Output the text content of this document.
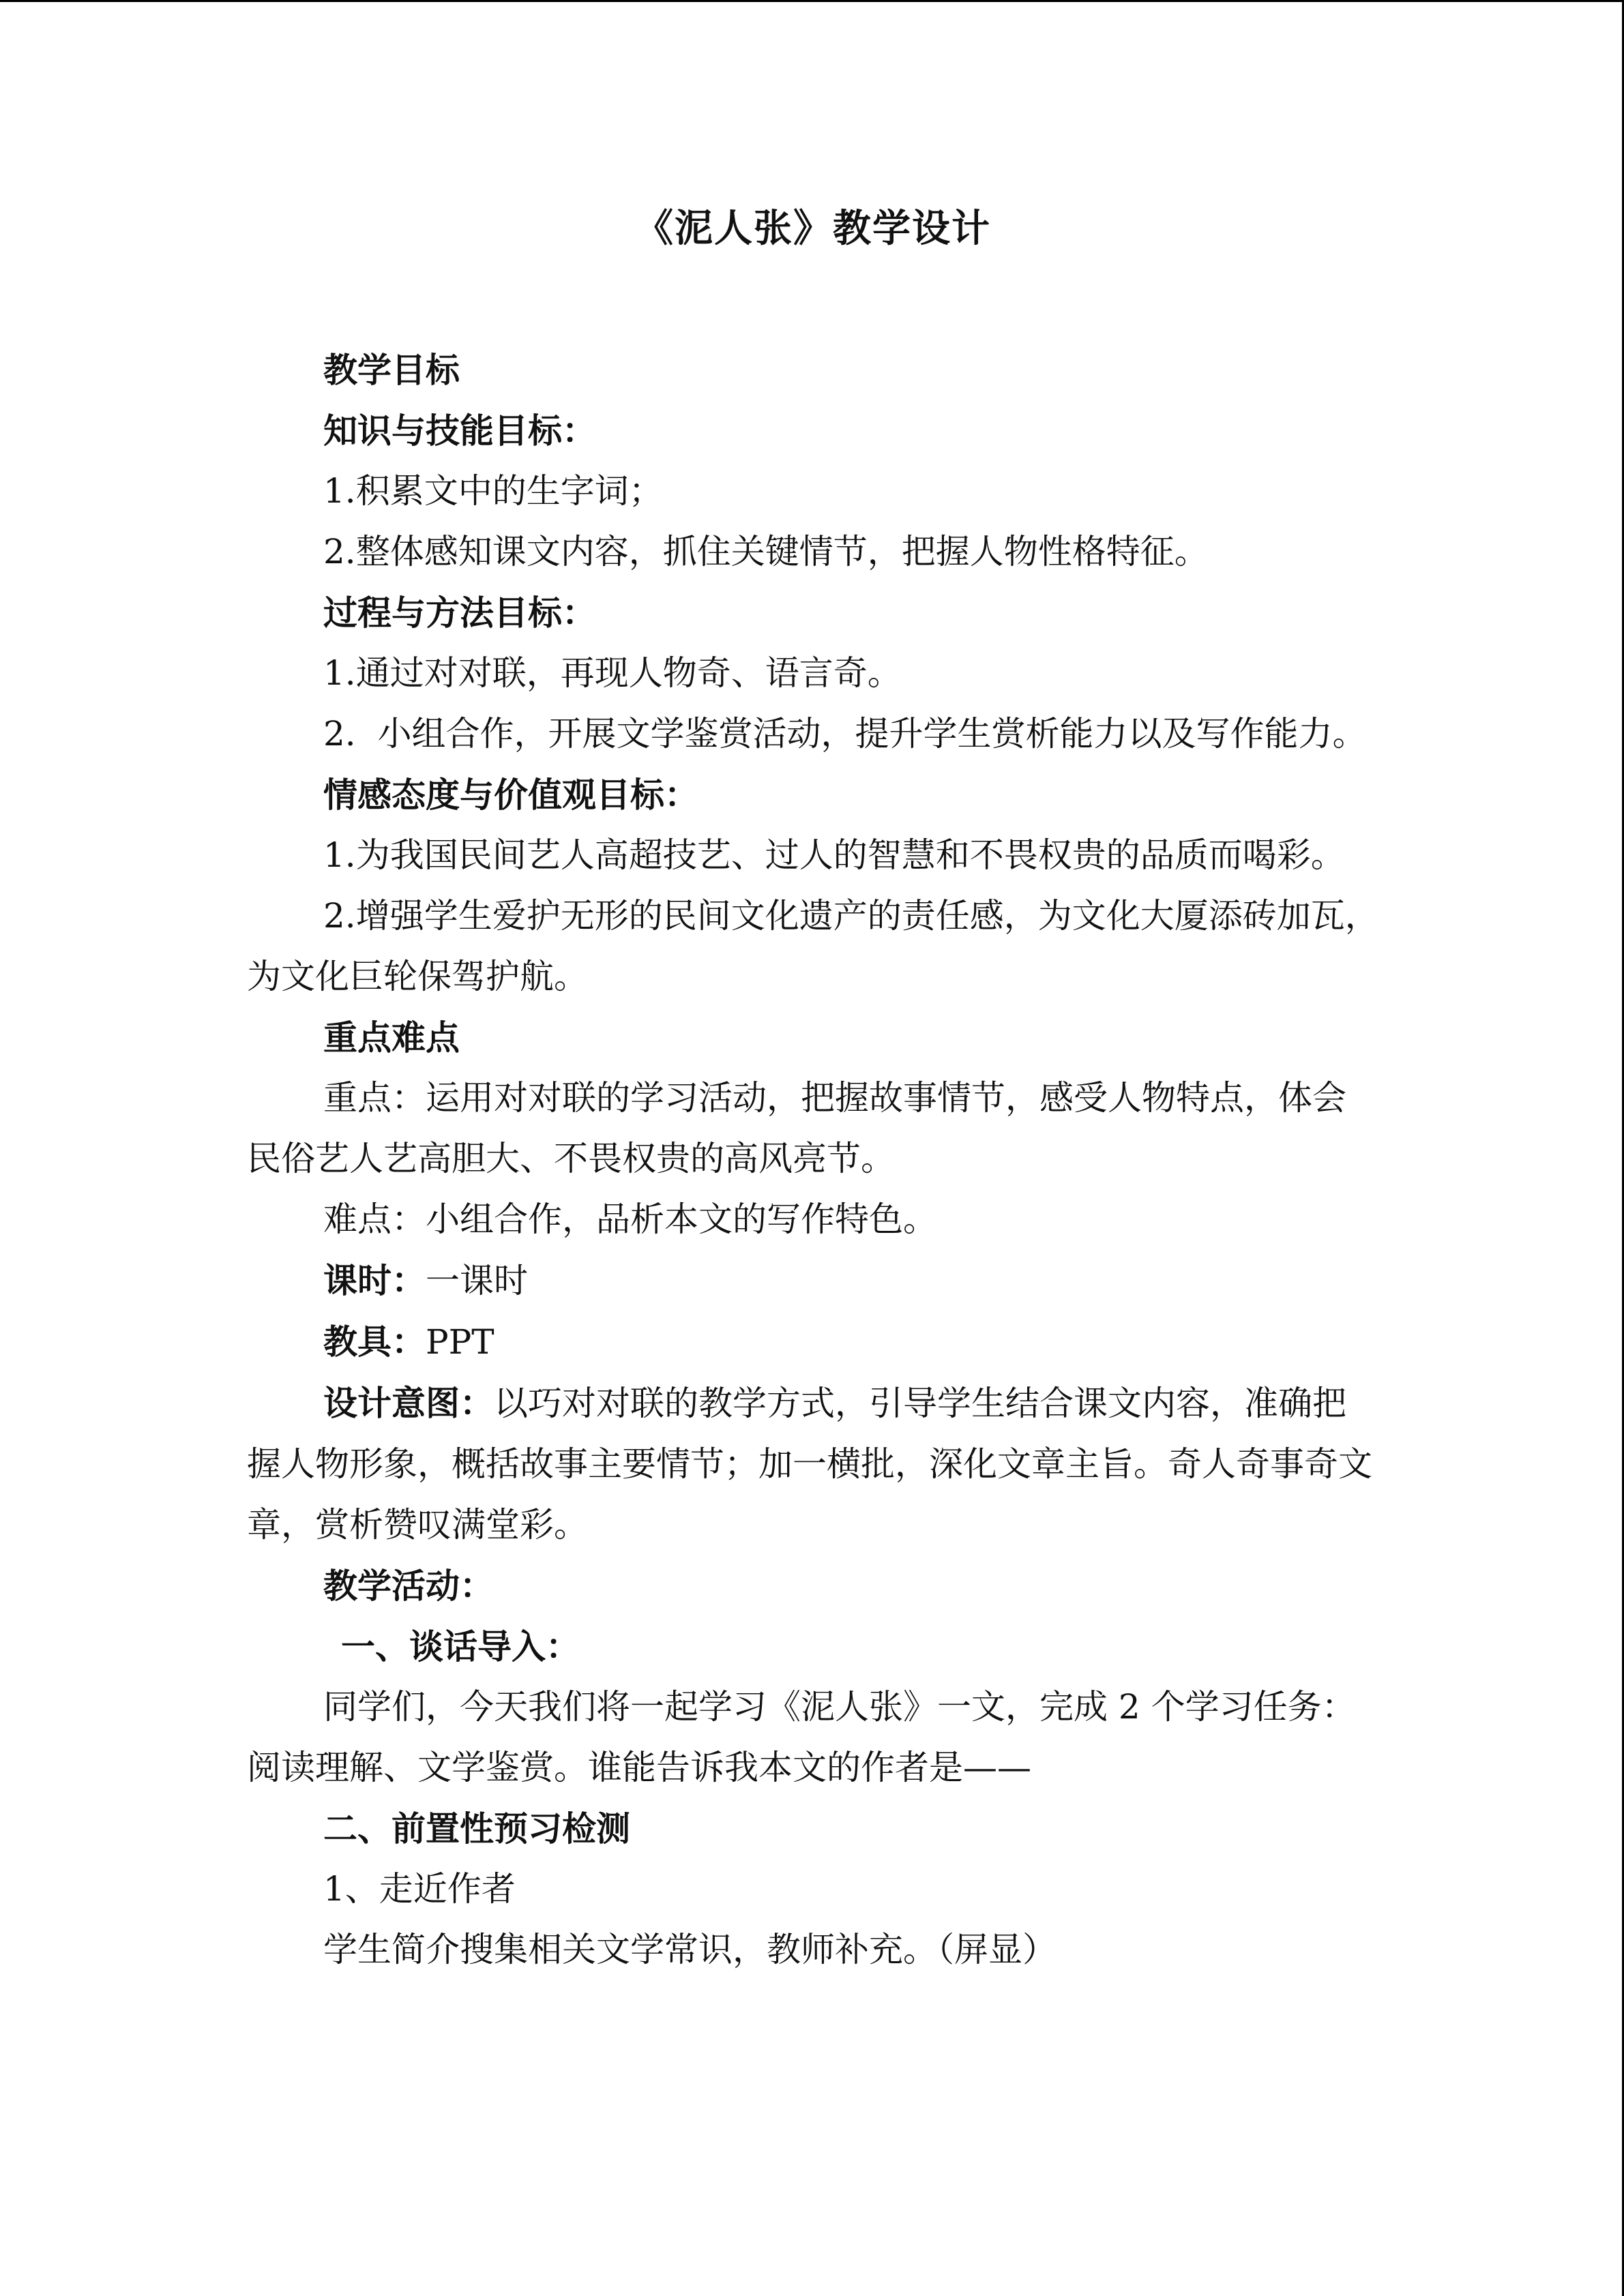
《泥人张》教学设计

教学目标

知识与技能目标：

1.积累文中的生字词；

2.整体感知课文内容，抓住关键情节，把握人物性格特征。

过程与方法目标：

1.通过对对联，再现人物奇、语言奇。

2.  小组合作，开展文学鉴赏活动，提升学生赏析能力以及写作能力。

情感态度与价值观目标：

1.为我国民间艺人高超技艺、过人的智慧和不畏权贵的品质而喝彩。

2.增强学生爱护无形的民间文化遗产的责任感，为文化大厦添砖加瓦，为文化巨轮保驾护航。

重点难点

重点：运用对对联的学习活动，把握故事情节，感受人物特点，体会民俗艺人艺高胆大、不畏权贵的高风亮节。

难点：小组合作，品析本文的写作特色。

课时：一课时

教具：PPT

设计意图：以巧对对联的教学方式，引导学生结合课文内容，准确把握人物形象，概括故事主要情节；加一横批，深化文章主旨。奇人奇事奇文章，赏析赞叹满堂彩。

教学活动：

一、谈话导入：

同学们，今天我们将一起学习《泥人张》一文，完成 2 个学习任务：阅读理解、文学鉴赏。谁能告诉我本文的作者是——

二、前置性预习检测

1、走近作者

学生简介搜集相关文学常识，教师补充。（屏显）
